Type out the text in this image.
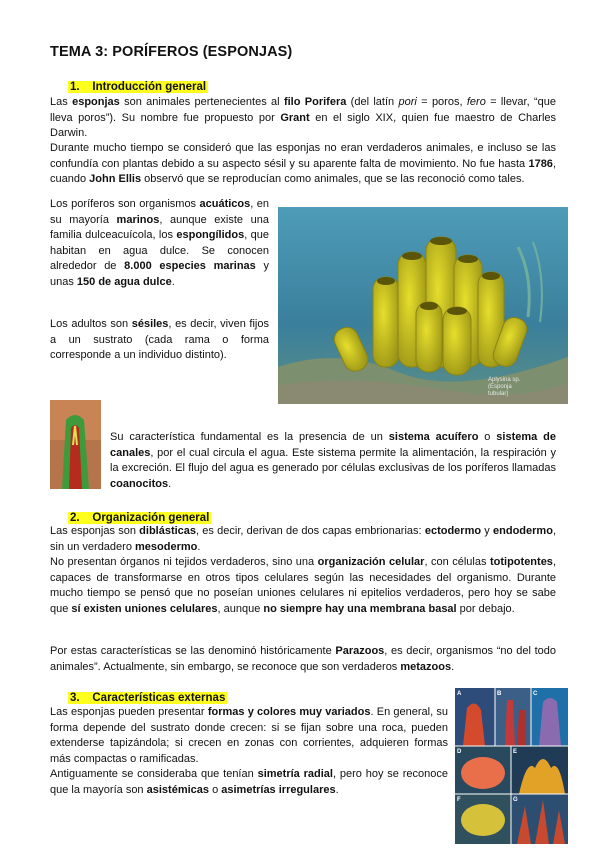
TEMA 3: PORÍFEROS (ESPONJAS)
1. Introducción general
Las esponjas son animales pertenecientes al filo Porifera (del latín pori = poros, fero = llevar, “que lleva poros”). Su nombre fue propuesto por Grant en el siglo XIX, quien fue maestro de Charles Darwin.
Durante mucho tiempo se consideró que las esponjas no eran verdaderos animales, e incluso se las confundía con plantas debido a su aspecto sésil y su aparente falta de movimiento. No fue hasta 1786, cuando John Ellis observó que se reproducían como animales, que se las reconoció como tales.
Los poríferos son organismos acuáticos, en su mayoría marinos, aunque existe una familia dulceacuícola, los espongílidos, que habitan en agua dulce. Se conocen alrededor de 8.000 especies marinas y unas 150 de agua dulce.
Los adultos son sésiles, es decir, viven fijos a un sustrato (cada rama o forma corresponde a un individuo distinto).
Aplysina sp.
(Esponja
tubular)
Su característica fundamental es la presencia de un sistema acuífero o sistema de canales, por el cual circula el agua. Este sistema permite la alimentación, la respiración y la excreción. El flujo del agua es generado por células exclusivas de los poríferos llamadas coanocitos.
2. Organización general
Las esponjas son diblásticas, es decir, derivan de dos capas embrionarias: ectodermo y endodermo, sin un verdadero mesodermo.
No presentan órganos ni tejidos verdaderos, sino una organización celular, con células totipotentes, capaces de transformarse en otros tipos celulares según las necesidades del organismo. Durante mucho tiempo se pensó que no poseían uniones celulares ni epitelios verdaderos, pero hoy se sabe que sí existen uniones celulares, aunque no siempre hay una membrana basal por debajo.
Por estas características se las denominó históricamente Parazoos, es decir, organismos “no del todo animales”. Actualmente, sin embargo, se reconoce que son verdaderos metazoos.
3. Características externas
Las esponjas pueden presentar formas y colores muy variados. En general, su forma depende del sustrato donde crecen: si se fijan sobre una roca, pueden extenderse tapizándola; si crecen en zonas con corrientes, adquieren formas más compactas o ramificadas.
Antiguamente se consideraba que tenían simetría radial, pero hoy se reconoce que la mayoría son asistémicas o asimetrías irregulares.
A	B	C
D	E
F	G
